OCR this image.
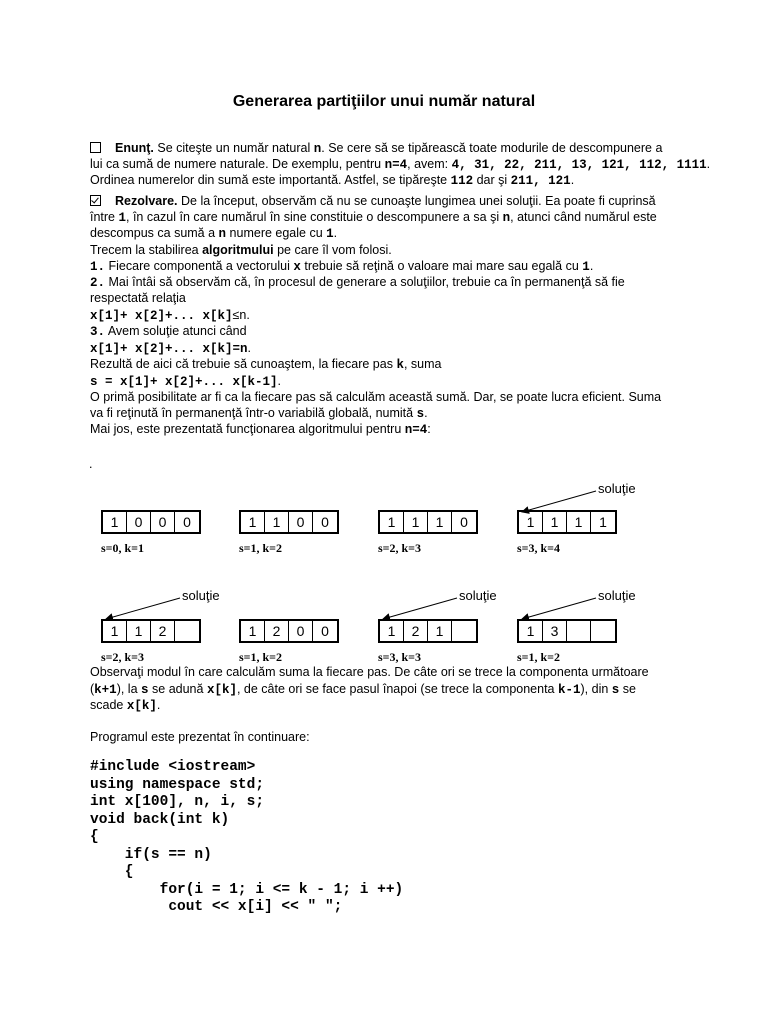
Generarea partiţiilor unui număr natural
Enunţ. Se citeşte un număr natural n. Se cere să se tipărească toate modurile de descompunere a
lui ca sumă de numere naturale. De exemplu, pentru n=4, avem: 4, 31, 22, 211, 13, 121, 112, 1111.
Ordinea numerelor din sumă este importantă. Astfel, se tipăreşte 112 dar şi 211, 121.
Rezolvare. De la început, observăm că nu se cunoaşte lungimea unei soluţii. Ea poate fi cuprinsă
între 1, în cazul în care numărul în sine constituie o descompunere a sa şi n, atunci când numărul este
descompus ca sumă a n numere egale cu 1.
Trecem la stabilirea algoritmului pe care îl vom folosi.
1. Fiecare componentă a vectorului x trebuie să reţină o valoare mai mare sau egală cu 1.
2. Mai întâi să observăm că, în procesul de generare a soluţiilor, trebuie ca în permanenţă să fie
respectată relaţia
x[1]+ x[2]+... x[k]≤n.
3. Avem soluţie atunci când
x[1]+ x[2]+... x[k]=n.
Rezultă de aici că trebuie să cunoaştem, la fiecare pas k, suma
s = x[1]+ x[2]+... x[k-1].
O primă posibilitate ar fi ca la fiecare pas să calculăm această sumă. Dar, se poate lucra eficient. Suma
va fi reţinută în permanenţă într-o variabilă globală, numită s.
Mai jos, este prezentată funcţionarea algoritmului pentru n=4:
.
soluţie
soluţie	soluţie	soluţie
1	0	0	0
s=0, k=1
1	1	0	0
s=1, k=2
1	1	1	0
s=2, k=3
1	1	1	1
s=3, k=4
1	1	2
s=2, k=3
1	2	0	0
s=1, k=2
1	2	1
s=3, k=3
1	3
s=1, k=2
Observaţi modul în care calculăm suma la fiecare pas. De câte ori se trece la componenta următoare
(k+1), la s se adună x[k], de câte ori se face pasul înapoi (se trece la componenta k-1), din s se
scade x[k].
Programul este prezentat în continuare:
#include <iostream>
using namespace std;
int x[100], n, i, s;
void back(int k)
{
if(s == n)
{
for(i = 1; i <= k - 1; i ++)
cout << x[i] << " ";
